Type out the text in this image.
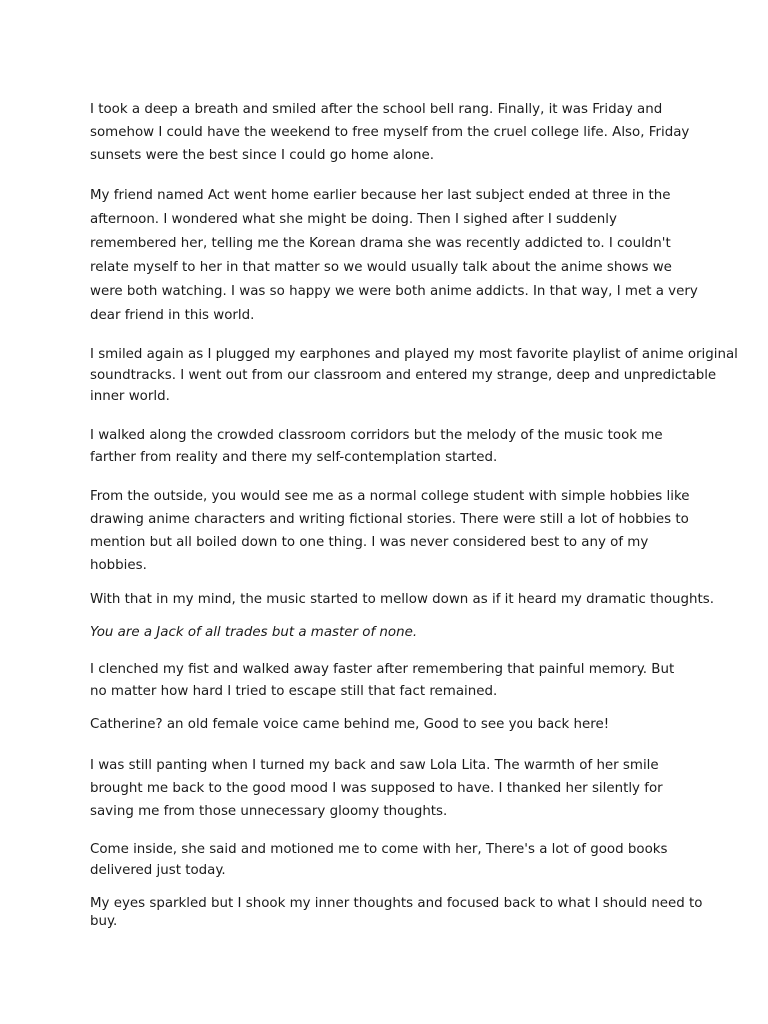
I took a deep a breath and smiled after the school bell rang. Finally, it was Friday and
somehow I could have the weekend to free myself from the cruel college life. Also, Friday
sunsets were the best since I could go home alone.

My friend named Act went home earlier because her last subject ended at three in the
afternoon. I wondered what she might be doing. Then I sighed after I suddenly
remembered her, telling me the Korean drama she was recently addicted to. I couldn't
relate myself to her in that matter so we would usually talk about the anime shows we
were both watching. I was so happy we were both anime addicts. In that way, I met a very
dear friend in this world.

I smiled again as I plugged my earphones and played my most favorite playlist of anime original
soundtracks. I went out from our classroom and entered my strange, deep and unpredictable
inner world.

I walked along the crowded classroom corridors but the melody of the music took me
farther from reality and there my self-contemplation started.

From the outside, you would see me as a normal college student with simple hobbies like
drawing anime characters and writing fictional stories. There were still a lot of hobbies to
mention but all boiled down to one thing. I was never considered best to any of my
hobbies.

With that in my mind, the music started to mellow down as if it heard my dramatic thoughts.

You are a Jack of all trades but a master of none.

I clenched my fist and walked away faster after remembering that painful memory. But
no matter how hard I tried to escape still that fact remained.

Catherine? an old female voice came behind me, Good to see you back here!

I was still panting when I turned my back and saw Lola Lita. The warmth of her smile
brought me back to the good mood I was supposed to have. I thanked her silently for
saving me from those unnecessary gloomy thoughts.

Come inside, she said and motioned me to come with her, There's a lot of good books
delivered just today.

My eyes sparkled but I shook my inner thoughts and focused back to what I should need to
buy.
